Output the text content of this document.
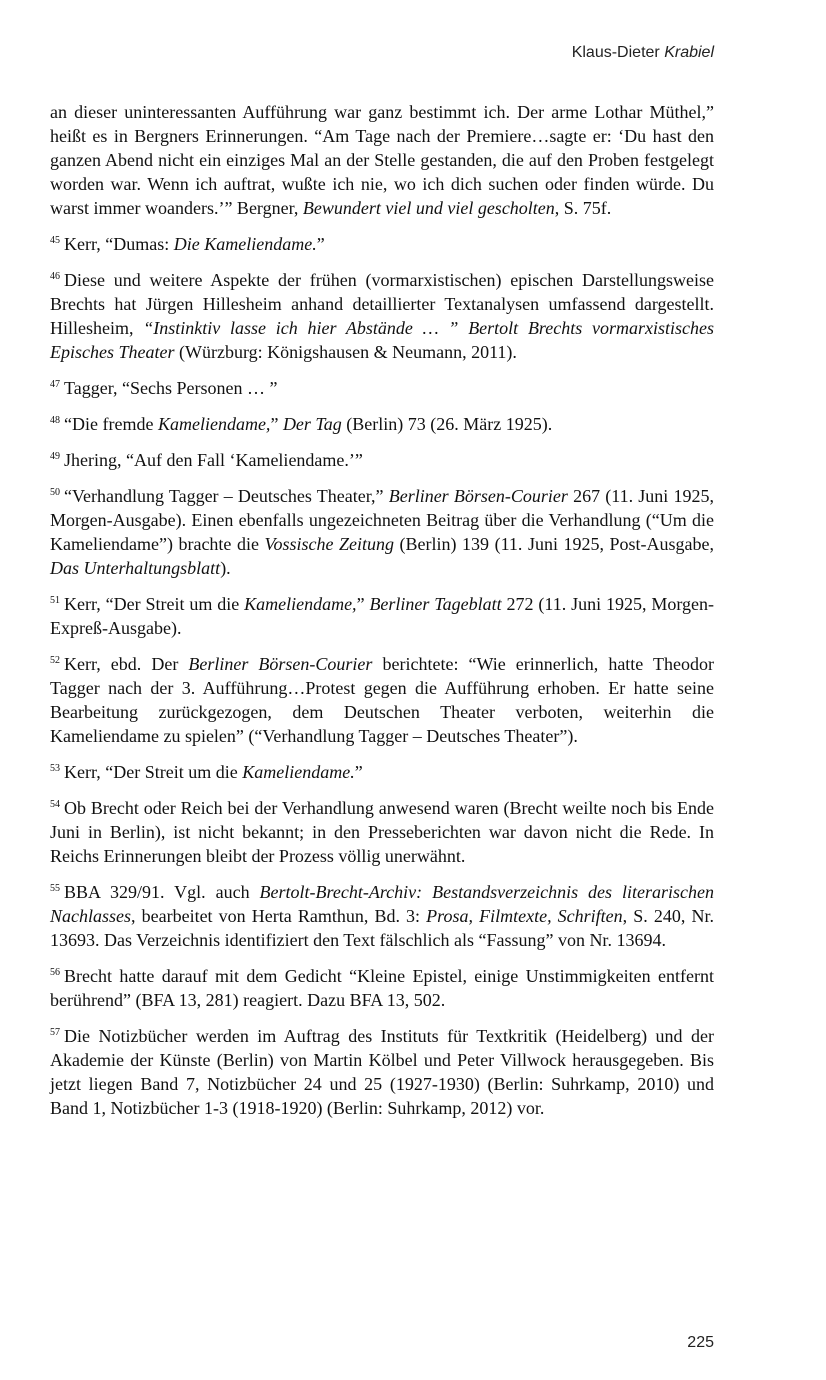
Klaus-Dieter Krabiel

an dieser uninteressanten Aufführung war ganz bestimmt ich. Der arme Lothar Müthel,” heißt es in Bergners Erinnerungen. “Am Tage nach der Premiere…sagte er: ‘Du hast den ganzen Abend nicht ein einziges Mal an der Stelle gestanden, die auf den Proben festgelegt worden war. Wenn ich auftrat, wußte ich nie, wo ich dich suchen oder finden würde. Du warst immer woanders.’” Bergner, Bewundert viel und viel gescholten, S. 75f.

$^{45}$ Kerr, “Dumas: Die Kameliendame.”

$^{46}$ Diese und weitere Aspekte der frühen (vormarxistischen) epischen Darstellungsweise Brechts hat Jürgen Hillesheim anhand detaillierter Textanalysen umfassend dargestellt. Hillesheim, “Instinktiv lasse ich hier Abstände … ” Bertolt Brechts vormarxistisches Episches Theater (Würzburg: Königshausen & Neumann, 2011).

$^{47}$ Tagger, “Sechs Personen … ”

$^{48}$ “Die fremde Kameliendame,” Der Tag (Berlin) 73 (26. März 1925).

$^{49}$ Jhering, “Auf den Fall ‘Kameliendame.’”

$^{50}$ “Verhandlung Tagger – Deutsches Theater,” Berliner Börsen-Courier 267 (11. Juni 1925, Morgen-Ausgabe). Einen ebenfalls ungezeichneten Beitrag über die Verhandlung (“Um die Kameliendame”) brachte die Vossische Zeitung (Berlin) 139 (11. Juni 1925, Post-Ausgabe, Das Unterhaltungsblatt).

$^{51}$ Kerr, “Der Streit um die Kameliendame,” Berliner Tageblatt 272 (11. Juni 1925, Morgen-Expreß-Ausgabe).

$^{52}$ Kerr, ebd. Der Berliner Börsen-Courier berichtete: “Wie erinnerlich, hatte Theodor Tagger nach der 3. Aufführung…Protest gegen die Aufführung erhoben. Er hatte seine Bearbeitung zurückgezogen, dem Deutschen Theater verboten, weiterhin die Kameliendame zu spielen” (“Verhandlung Tagger – Deutsches Theater”).

$^{53}$ Kerr, “Der Streit um die Kameliendame.”

$^{54}$ Ob Brecht oder Reich bei der Verhandlung anwesend waren (Brecht weilte noch bis Ende Juni in Berlin), ist nicht bekannt; in den Presseberichten war davon nicht die Rede. In Reichs Erinnerungen bleibt der Prozess völlig unerwähnt.

$^{55}$ BBA 329/91. Vgl. auch Bertolt-Brecht-Archiv: Bestandsverzeichnis des literarischen Nachlasses, bearbeitet von Herta Ramthun, Bd. 3: Prosa, Filmtexte, Schriften, S. 240, Nr. 13693. Das Verzeichnis identifiziert den Text fälschlich als “Fassung” von Nr. 13694.

$^{56}$ Brecht hatte darauf mit dem Gedicht “Kleine Epistel, einige Unstimmigkeiten entfernt berührend” (BFA 13, 281) reagiert. Dazu BFA 13, 502.

$^{57}$ Die Notizbücher werden im Auftrag des Instituts für Textkritik (Heidelberg) und der Akademie der Künste (Berlin) von Martin Kölbel und Peter Villwock herausgegeben. Bis jetzt liegen Band 7, Notizbücher 24 und 25 (1927-1930) (Berlin: Suhrkamp, 2010) und Band 1, Notizbücher 1-3 (1918-1920) (Berlin: Suhrkamp, 2012) vor.

225
